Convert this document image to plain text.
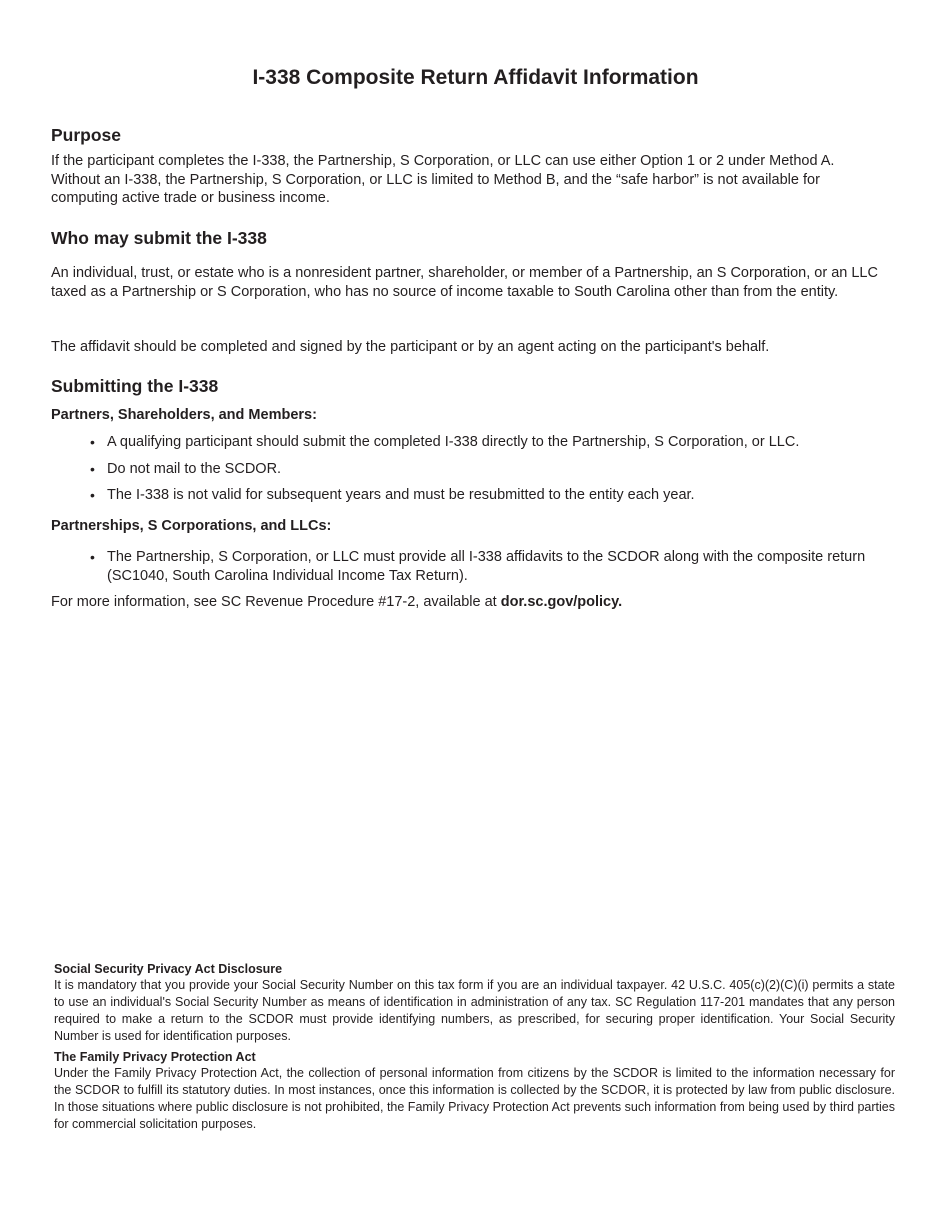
I-338 Composite Return Affidavit Information
Purpose

If the participant completes the I-338, the Partnership, S Corporation, or LLC can use either Option 1 or 2 under Method A. Without an I-338, the Partnership, S Corporation, or LLC is limited to Method B, and the “safe harbor” is not available for computing active trade or business income.

Who may submit the I-338

An individual, trust, or estate who is a nonresident partner, shareholder, or member of a Partnership, an S Corporation, or an LLC taxed as a Partnership or S Corporation, who has no source of income taxable to South Carolina other than from the entity.

The affidavit should be completed and signed by the participant or by an agent acting on the participant's behalf.

Submitting the I-338
Partners, Shareholders, and Members:
• A qualifying participant should submit the completed I-338 directly to the Partnership, S Corporation, or LLC.
• Do not mail to the SCDOR.
• The I-338 is not valid for subsequent years and must be resubmitted to the entity each year.
Partnerships, S Corporations, and LLCs:
• The Partnership, S Corporation, or LLC must provide all I-338 affidavits to the SCDOR along with the composite return (SC1040, South Carolina Individual Income Tax Return).

For more information, see SC Revenue Procedure #17-2, available at dor.sc.gov/policy.

Social Security Privacy Act Disclosure

It is mandatory that you provide your Social Security Number on this tax form if you are an individual taxpayer. 42 U.S.C. 405(c)(2)(C)(i) permits a state to use an individual's Social Security Number as means of identification in administration of any tax. SC Regulation 117-201 mandates that any person required to make a return to the SCDOR must provide identifying numbers, as prescribed, for securing proper identification. Your Social Security Number is used for identification purposes.

The Family Privacy Protection Act

Under the Family Privacy Protection Act, the collection of personal information from citizens by the SCDOR is limited to the information necessary for the SCDOR to fulfill its statutory duties. In most instances, once this information is collected by the SCDOR, it is protected by law from public disclosure. In those situations where public disclosure is not prohibited, the Family Privacy Protection Act prevents such information from being used by third parties for commercial solicitation purposes.
